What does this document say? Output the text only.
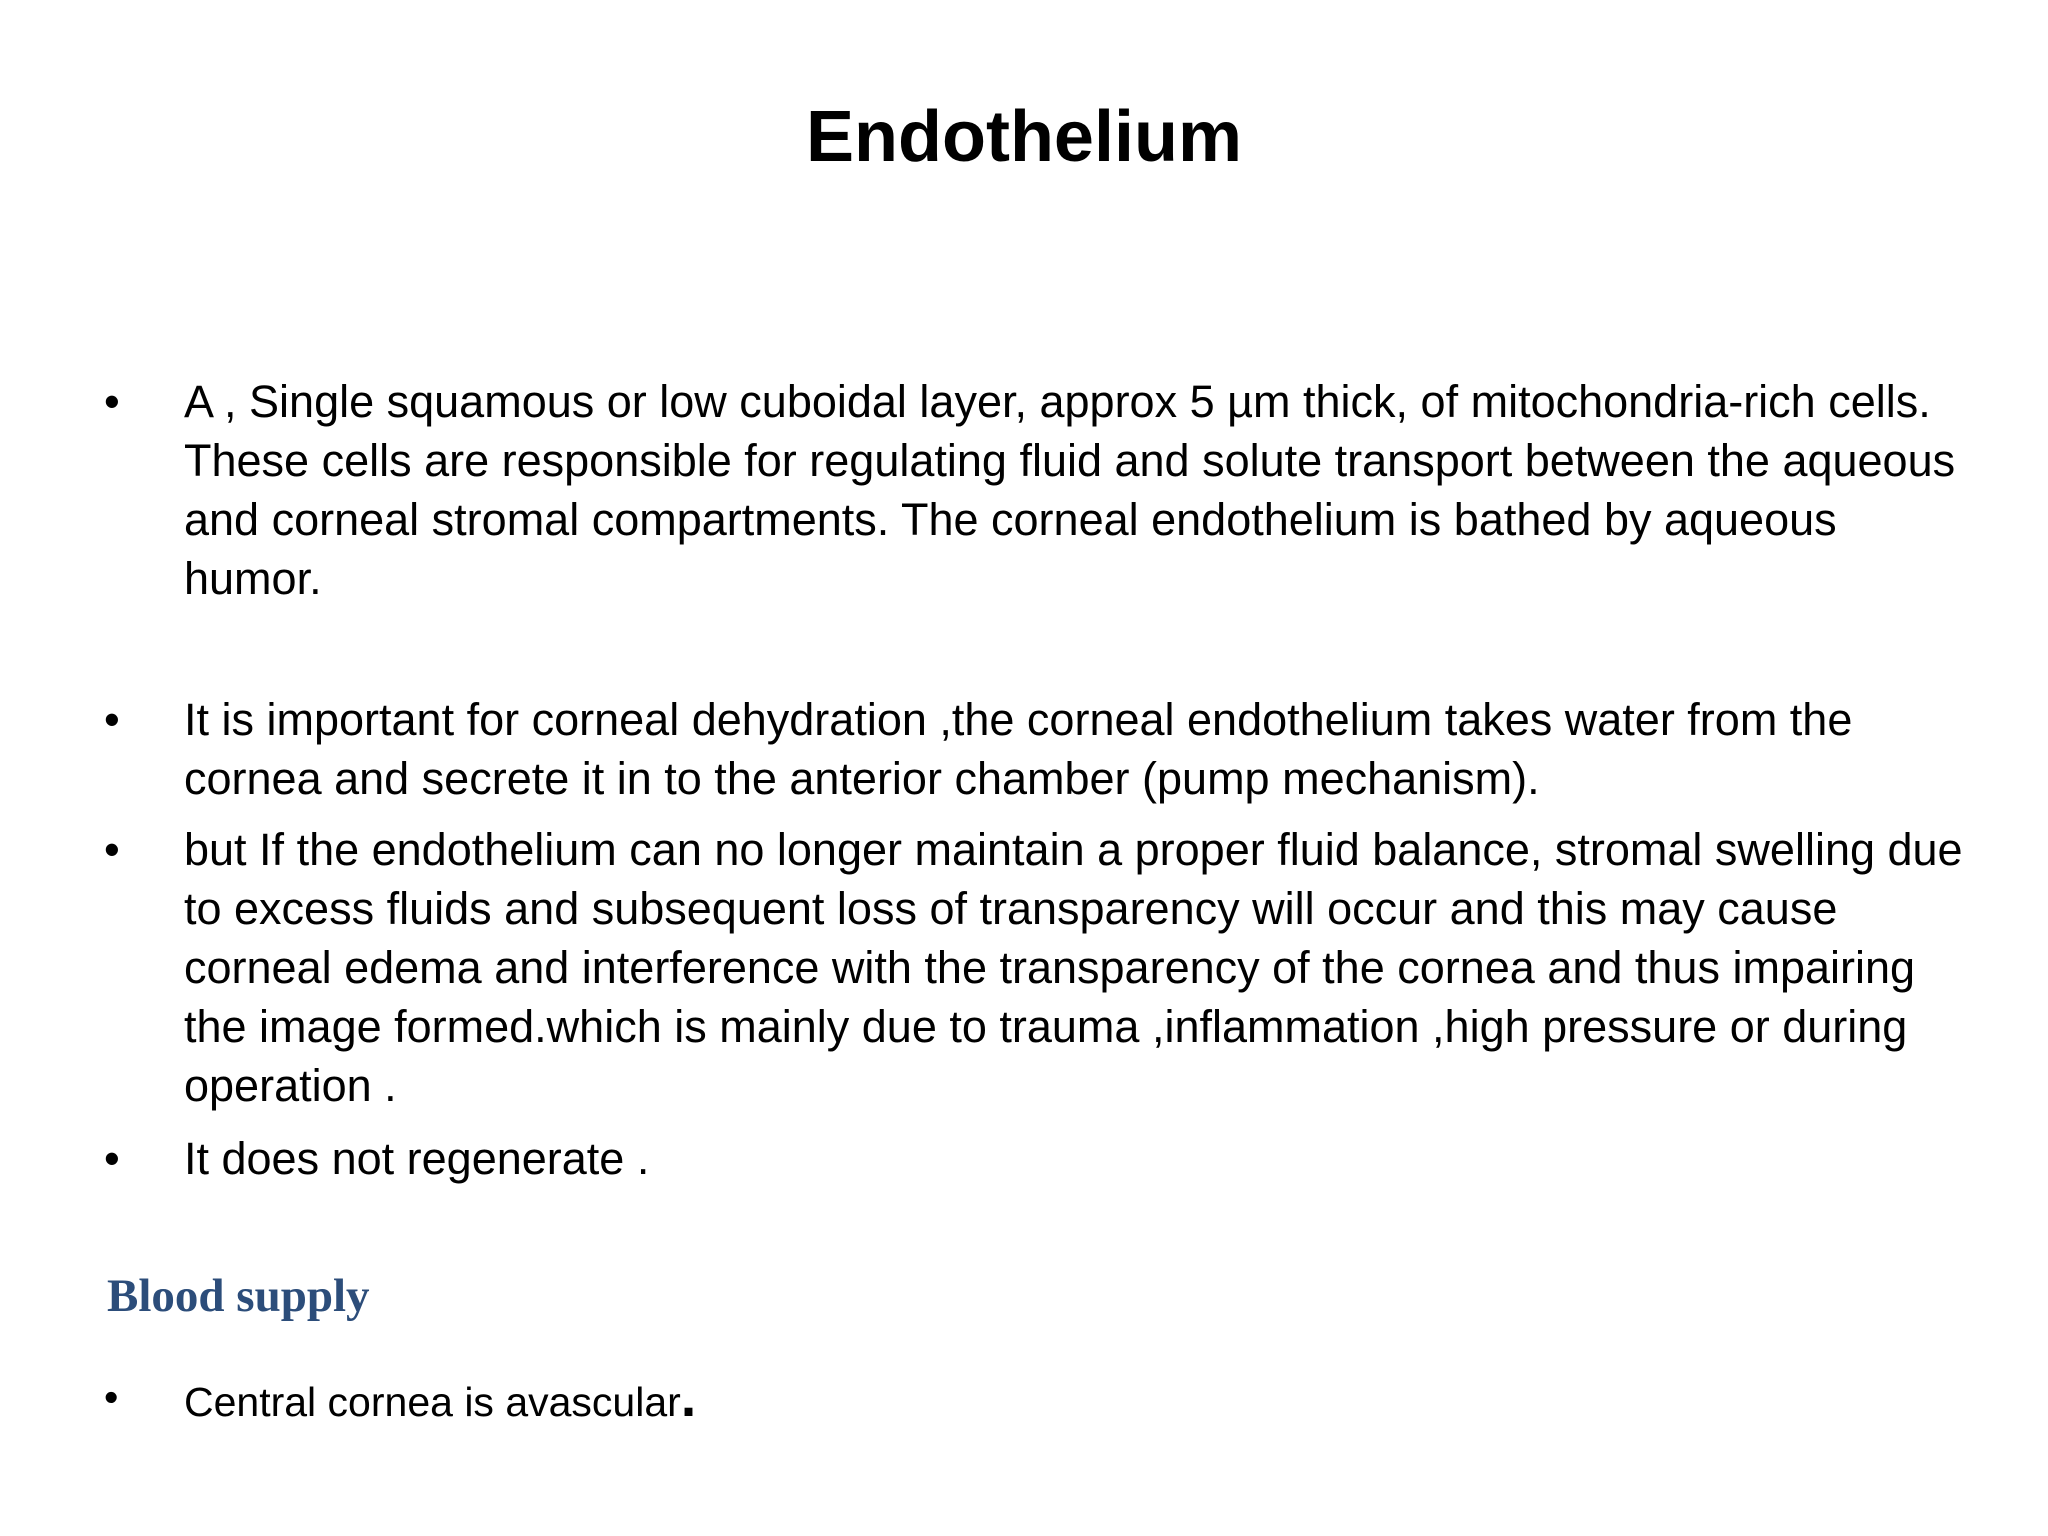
Endothelium
• A , Single squamous or low cuboidal layer, approx 5 µm thick, of mitochondria-rich cells. These cells are responsible for regulating fluid and solute transport between the aqueous and corneal stromal compartments. The corneal endothelium is bathed by aqueous humor.
• It is important for corneal dehydration ,the corneal endothelium takes water from the cornea and secrete it in to the anterior chamber (pump mechanism).
• but If the endothelium can no longer maintain a proper fluid balance, stromal swelling due to excess fluids and subsequent loss of transparency will occur and this may cause corneal edema and interference with the transparency of the cornea and thus impairing the image formed.which is mainly due to trauma ,inflammation ,high pressure or during operation .
• It does not regenerate .
Blood supply

• Central cornea is avascular.
